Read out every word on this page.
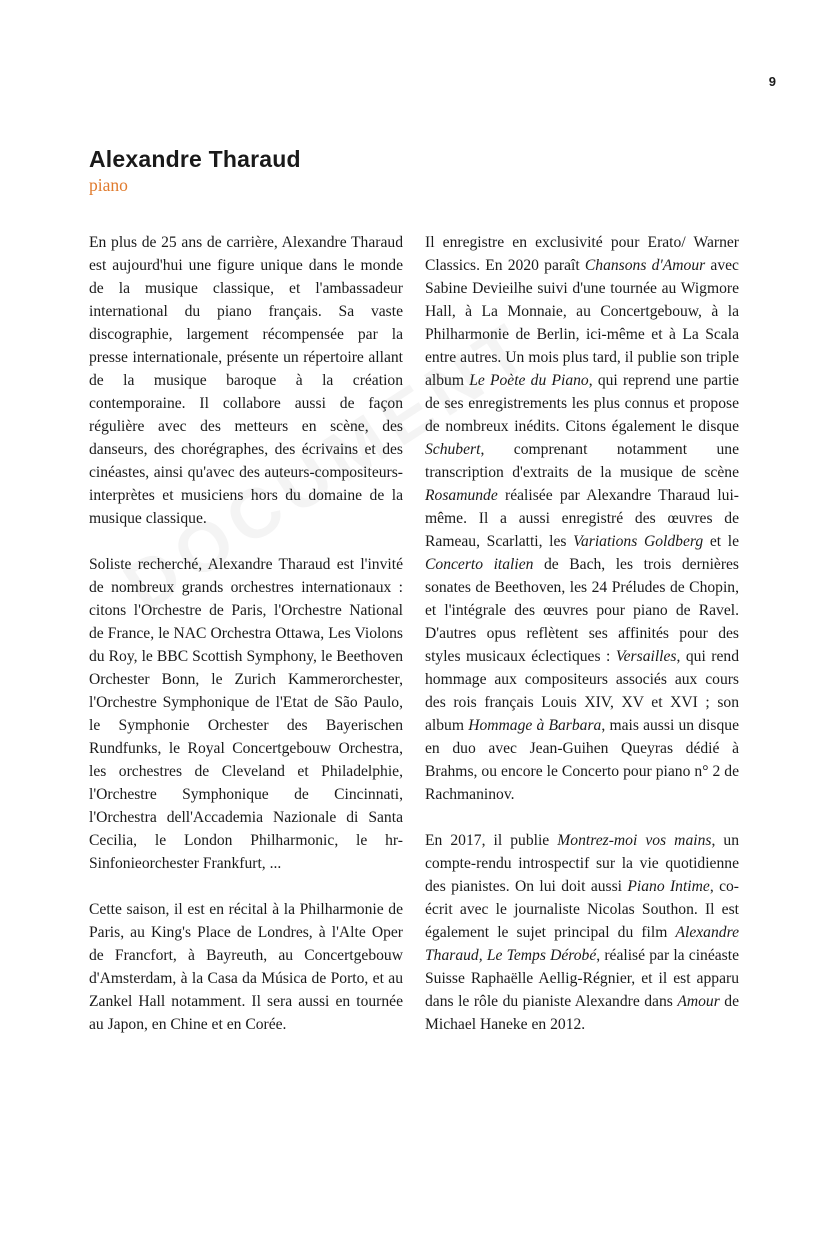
9
Alexandre Tharaud
piano

En plus de 25 ans de carrière, Alexandre Tharaud est aujourd'hui une figure unique dans le monde de la musique classique, et l'ambassadeur international du piano français. Sa vaste discographie, largement récompensée par la presse internationale, présente un répertoire allant de la musique baroque à la création contemporaine. Il collabore aussi de façon régulière avec des metteurs en scène, des danseurs, des chorégraphes, des écrivains et des cinéastes, ainsi qu'avec des auteurs-compositeurs-interprètes et musiciens hors du domaine de la musique classique.

Soliste recherché, Alexandre Tharaud est l'invité de nombreux grands orchestres internationaux : citons l'Orchestre de Paris, l'Orchestre National de France, le NAC Orchestra Ottawa, Les Violons du Roy, le BBC Scottish Symphony, le Beethoven Orchester Bonn, le Zurich Kammerorchester, l'Orchestre Symphonique de l'Etat de São Paulo, le Symphonie Orchester des Bayerischen Rundfunks, le Royal Concertgebouw Orchestra, les orchestres de Cleveland et Philadelphie, l'Orchestre Symphonique de Cincinnati, l'Orchestra dell'Accademia Nazionale di Santa Cecilia, le London Philharmonic, le hr-Sinfonieorchester Frankfurt, ...

Cette saison, il est en récital à la Philharmonie de Paris, au King's Place de Londres, à l'Alte Oper de Francfort, à Bayreuth, au Concertgebouw d'Amsterdam, à la Casa da Música de Porto, et au Zankel Hall notamment. Il sera aussi en tournée au Japon, en Chine et en Corée.

Il enregistre en exclusivité pour Erato/ Warner Classics. En 2020 paraît Chansons d'Amour avec Sabine Devieilhe suivi d'une tournée au Wigmore Hall, à La Monnaie, au Concertgebouw, à la Philharmonie de Berlin, ici-même et à La Scala entre autres. Un mois plus tard, il publie son triple album Le Poète du Piano, qui reprend une partie de ses enregistrements les plus connus et propose de nombreux inédits. Citons également le disque Schubert, comprenant notamment une transcription d'extraits de la musique de scène Rosamunde réalisée par Alexandre Tharaud lui-même. Il a aussi enregistré des œuvres de Rameau, Scarlatti, les Variations Goldberg et le Concerto italien de Bach, les trois dernières sonates de Beethoven, les 24 Préludes de Chopin, et l'intégrale des œuvres pour piano de Ravel. D'autres opus reflètent ses affinités pour des styles musicaux éclectiques : Versailles, qui rend hommage aux compositeurs associés aux cours des rois français Louis XIV, XV et XVI ; son album Hommage à Barbara, mais aussi un disque en duo avec Jean-Guihen Queyras dédié à Brahms, ou encore le Concerto pour piano n° 2 de Rachmaninov.

En 2017, il publie Montrez-moi vos mains, un compte-rendu introspectif sur la vie quotidienne des pianistes. On lui doit aussi Piano Intime, co-écrit avec le journaliste Nicolas Southon. Il est également le sujet principal du film Alexandre Tharaud, Le Temps Dérobé, réalisé par la cinéaste Suisse Raphaëlle Aellig-Régnier, et il est apparu dans le rôle du pianiste Alexandre dans Amour de Michael Haneke en 2012.
